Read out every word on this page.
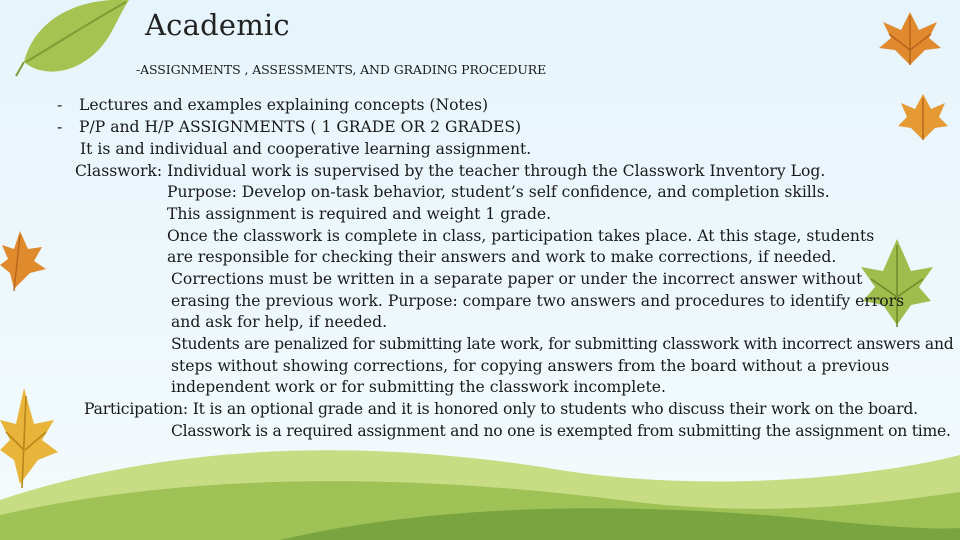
Academic
-ASSIGNMENTS , ASSESSMENTS, AND GRADING PROCEDURE
- Lectures and examples explaining concepts (Notes)
- P/P and H/P ASSIGNMENTS ( 1 GRADE OR 2 GRADES)
It is and individual and cooperative learning assignment.
Classwork: Individual work is supervised by the teacher through the Classwork Inventory Log.
Purpose: Develop on-task behavior, student’s self confidence, and completion skills.
This assignment is required and weight 1 grade.
Once the classwork is complete in class, participation takes place. At this stage, students
are responsible for checking their answers and work to make corrections, if needed.
Corrections must be written in a separate paper or under the incorrect answer without
erasing the previous work. Purpose: compare two answers and procedures to identify errors
and ask for help, if needed.
Students are penalized for submitting late work, for submitting classwork with incorrect answers and
steps without showing corrections, for copying answers from the board without a previous
independent work or for submitting the classwork incomplete.
Participation: It is an optional grade and it is honored only to students who discuss their work on the board.
Classwork is a required assignment and no one is exempted from submitting the assignment on time.
